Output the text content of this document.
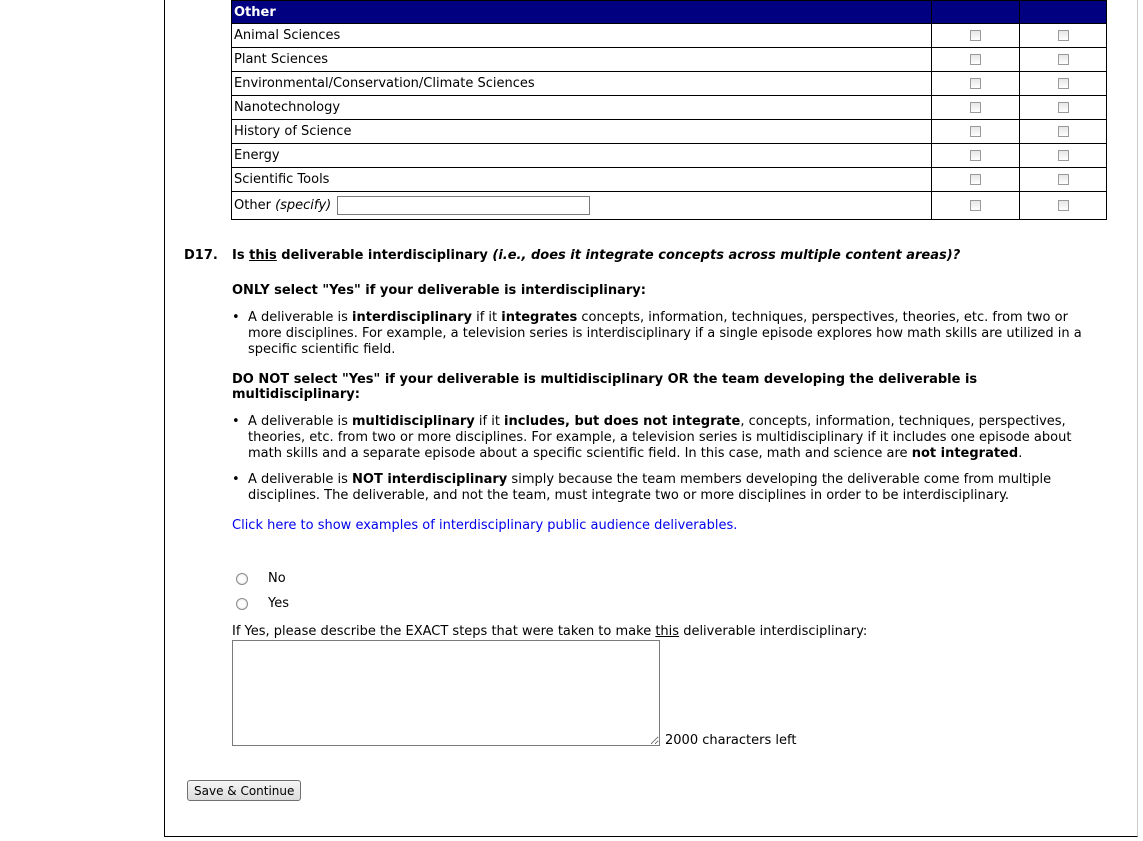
Other		
Animal Sciences		
Plant Sciences		
Environmental/Conservation/Climate Sciences		
Nanotechnology		
History of Science		
Energy		
Scientific Tools		
Other (specify)		
D17. Is this deliverable interdisciplinary (i.e., does it integrate concepts across multiple content areas)?

ONLY select "Yes" if your deliverable is interdisciplinary:

• A deliverable is interdisciplinary if it integrates concepts, information, techniques, perspectives, theories, etc. from two or more disciplines. For example, a television series is interdisciplinary if a single episode explores how math skills are utilized in a specific scientific field.

DO NOT select "Yes" if your deliverable is multidisciplinary OR the team developing the deliverable is multidisciplinary:

• A deliverable is multidisciplinary if it includes, but does not integrate, concepts, information, techniques, perspectives, theories, etc. from two or more disciplines. For example, a television series is multidisciplinary if it includes one episode about math skills and a separate episode about a specific scientific field. In this case, math and science are not integrated.
• A deliverable is NOT interdisciplinary simply because the team members developing the deliverable come from multiple disciplines. The deliverable, and not the team, must integrate two or more disciplines in order to be interdisciplinary.
Click here to show examples of interdisciplinary public audience deliverables.
No
Yes
If Yes, please describe the EXACT steps that were taken to make this deliverable interdisciplinary:
2000 characters left
Save & Continue
